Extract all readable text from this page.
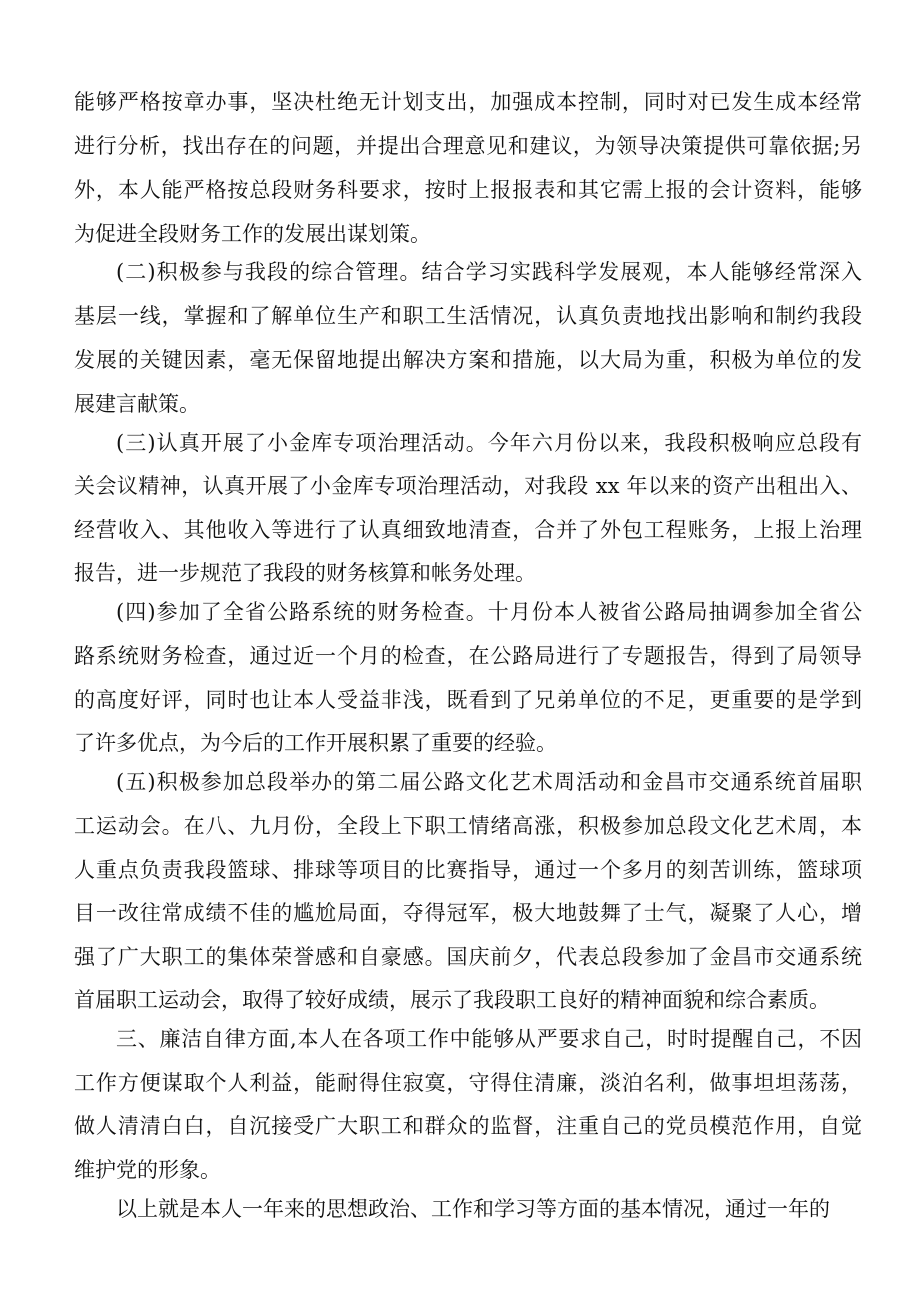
能够严格按章办事，坚决杜绝无计划支出，加强成本控制，同时对已发生成本经常
进行分析，找出存在的问题，并提出合理意见和建议，为领导决策提供可靠依据;另
外，本人能严格按总段财务科要求，按时上报报表和其它需上报的会计资料，能够
为促进全段财务工作的发展出谋划策。
(二)积极参与我段的综合管理。结合学习实践科学发展观，本人能够经常深入
基层一线，掌握和了解单位生产和职工生活情况，认真负责地找出影响和制约我段
发展的关键因素，毫无保留地提出解决方案和措施，以大局为重，积极为单位的发
展建言献策。
(三)认真开展了小金库专项治理活动。今年六月份以来，我段积极响应总段有
关会议精神，认真开展了小金库专项治理活动，对我段 xx 年以来的资产出租出入、
经营收入、其他收入等进行了认真细致地清查，合并了外包工程账务，上报上治理
报告，进一步规范了我段的财务核算和帐务处理。
(四)参加了全省公路系统的财务检查。十月份本人被省公路局抽调参加全省公
路系统财务检查，通过近一个月的检查，在公路局进行了专题报告，得到了局领导
的高度好评，同时也让本人受益非浅，既看到了兄弟单位的不足，更重要的是学到
了许多优点，为今后的工作开展积累了重要的经验。
(五)积极参加总段举办的第二届公路文化艺术周活动和金昌市交通系统首届职
工运动会。在八、九月份，全段上下职工情绪高涨，积极参加总段文化艺术周，本
人重点负责我段篮球、排球等项目的比赛指导，通过一个多月的刻苦训练，篮球项
目一改往常成绩不佳的尴尬局面，夺得冠军，极大地鼓舞了士气，凝聚了人心，增
强了广大职工的集体荣誉感和自豪感。国庆前夕，代表总段参加了金昌市交通系统
首届职工运动会，取得了较好成绩，展示了我段职工良好的精神面貌和综合素质。
三、廉洁自律方面,本人在各项工作中能够从严要求自己，时时提醒自己，不因
工作方便谋取个人利益，能耐得住寂寞，守得住清廉，淡泊名利，做事坦坦荡荡，
做人清清白白，自沉接受广大职工和群众的监督，注重自己的党员模范作用，自觉
维护党的形象。
以上就是本人一年来的思想政治、工作和学习等方面的基本情况，通过一年的
